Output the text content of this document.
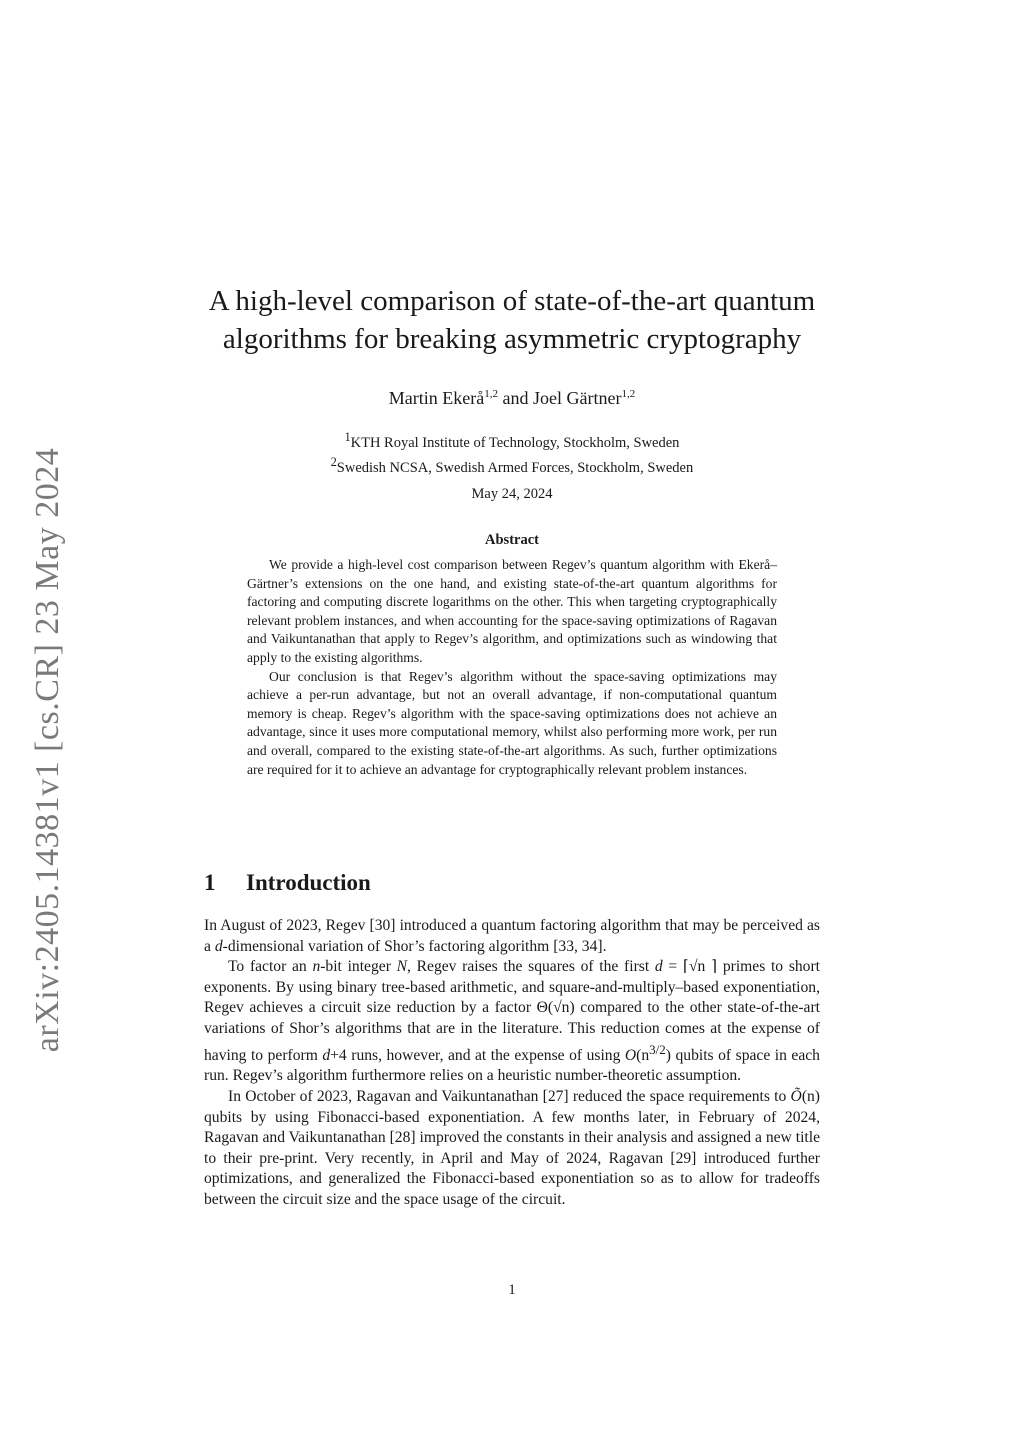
arXiv:2405.14381v1 [cs.CR] 23 May 2024
A high-level comparison of state-of-the-art quantum
algorithms for breaking asymmetric cryptography
Martin Ekerå$^{1,2}$ and Joel Gärtner$^{1,2}$
$^1$KTH Royal Institute of Technology, Stockholm, Sweden
$^2$Swedish NCSA, Swedish Armed Forces, Stockholm, Sweden
May 24, 2024
Abstract

We provide a high-level cost comparison between Regev’s quantum algorithm with Ekerå–Gärtner’s extensions on the one hand, and existing state-of-the-art quantum algorithms for factoring and computing discrete logarithms on the other. This when targeting cryptographically relevant problem instances, and when accounting for the space-saving optimizations of Ragavan and Vaikuntanathan that apply to Regev’s algorithm, and optimizations such as windowing that apply to the existing algorithms.

Our conclusion is that Regev’s algorithm without the space-saving optimizations may achieve a per-run advantage, but not an overall advantage, if non-computational quantum memory is cheap. Regev’s algorithm with the space-saving optimizations does not achieve an advantage, since it uses more computational memory, whilst also performing more work, per run and overall, compared to the existing state-of-the-art algorithms. As such, further optimizations are required for it to achieve an advantage for cryptographically relevant problem instances.

1 Introduction

In August of 2023, Regev [30] introduced a quantum factoring algorithm that may be perceived as a d-dimensional variation of Shor’s factoring algorithm [33, 34].

To factor an n-bit integer N, Regev raises the squares of the first d = ⌈√n ⌉ primes to short exponents. By using binary tree-based arithmetic, and square-and-multiply–based exponentiation, Regev achieves a circuit size reduction by a factor Θ(√n) compared to the other state-of-the-art variations of Shor’s algorithms that are in the literature. This reduction comes at the expense of having to perform d+4 runs, however, and at the expense of using $O(n^{3/2})$ qubits of space in each run. Regev’s algorithm furthermore relies on a heuristic number-theoretic assumption.

In October of 2023, Ragavan and Vaikuntanathan [27] reduced the space requirements to Õ(n) qubits by using Fibonacci-based exponentiation. A few months later, in February of 2024, Ragavan and Vaikuntanathan [28] improved the constants in their analysis and assigned a new title to their pre-print. Very recently, in April and May of 2024, Ragavan [29] introduced further optimizations, and generalized the Fibonacci-based exponentiation so as to allow for tradeoffs between the circuit size and the space usage of the circuit.

1
